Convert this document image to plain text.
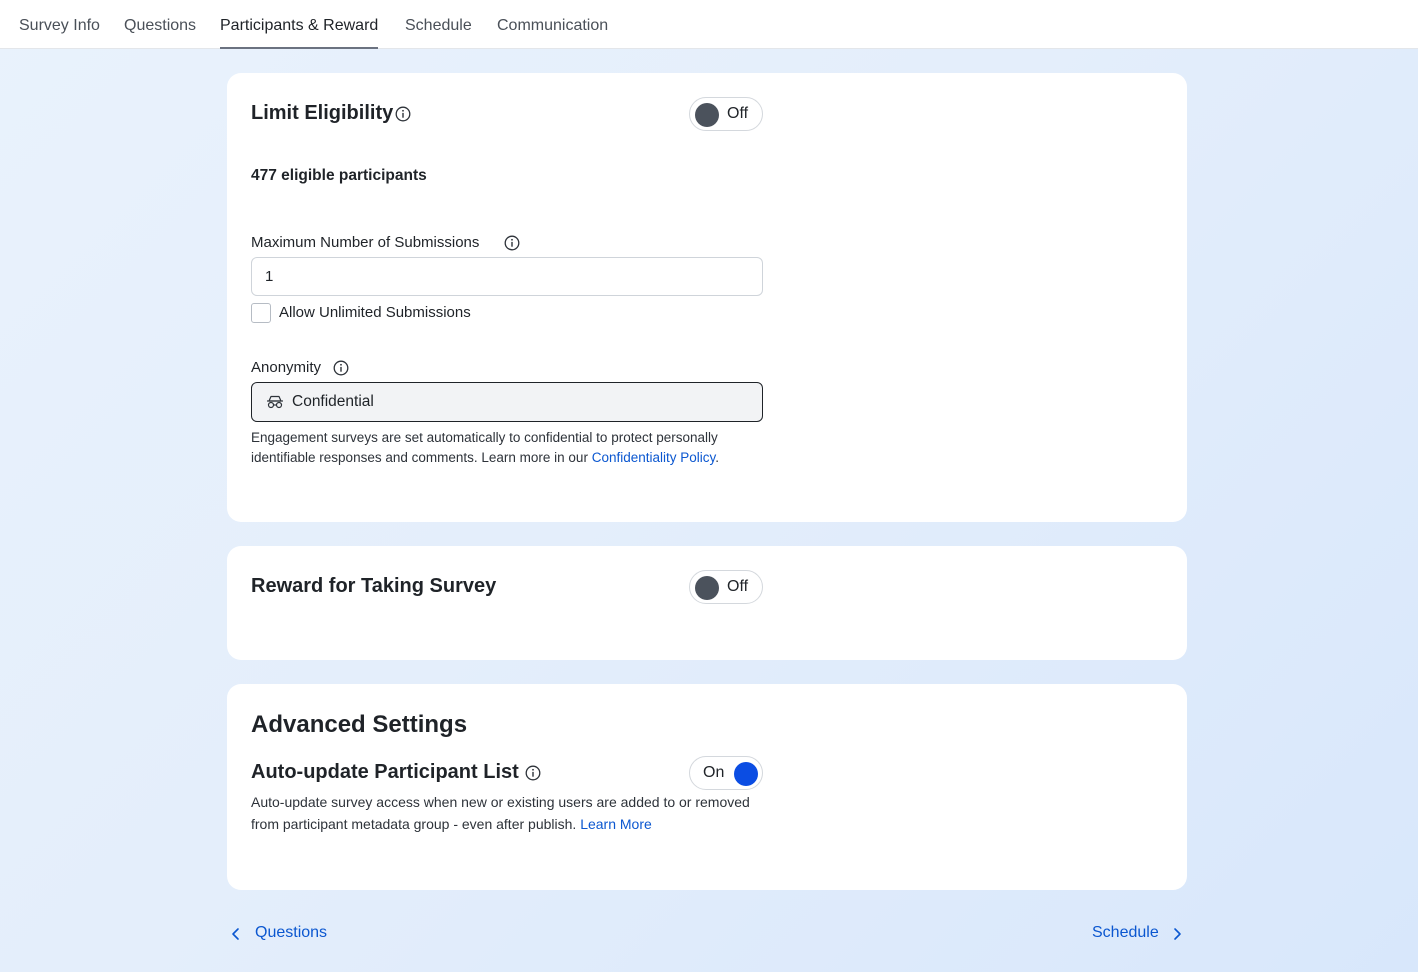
Survey Info Questions Participants & Reward Schedule Communication
Limit Eligibility	Off
477 eligible participants
Maximum Number of Submissions
1
Allow Unlimited Submissions
Anonymity
Confidential
Engagement surveys are set automatically to confidential to protect personally identifiable responses and comments. Learn more in our Confidentiality Policy.
Reward for Taking Survey	Off
Advanced Settings
Auto-update Participant List	On
Auto-update survey access when new or existing users are added to or removed from participant metadata group - even after publish. Learn More
Questions	Schedule
